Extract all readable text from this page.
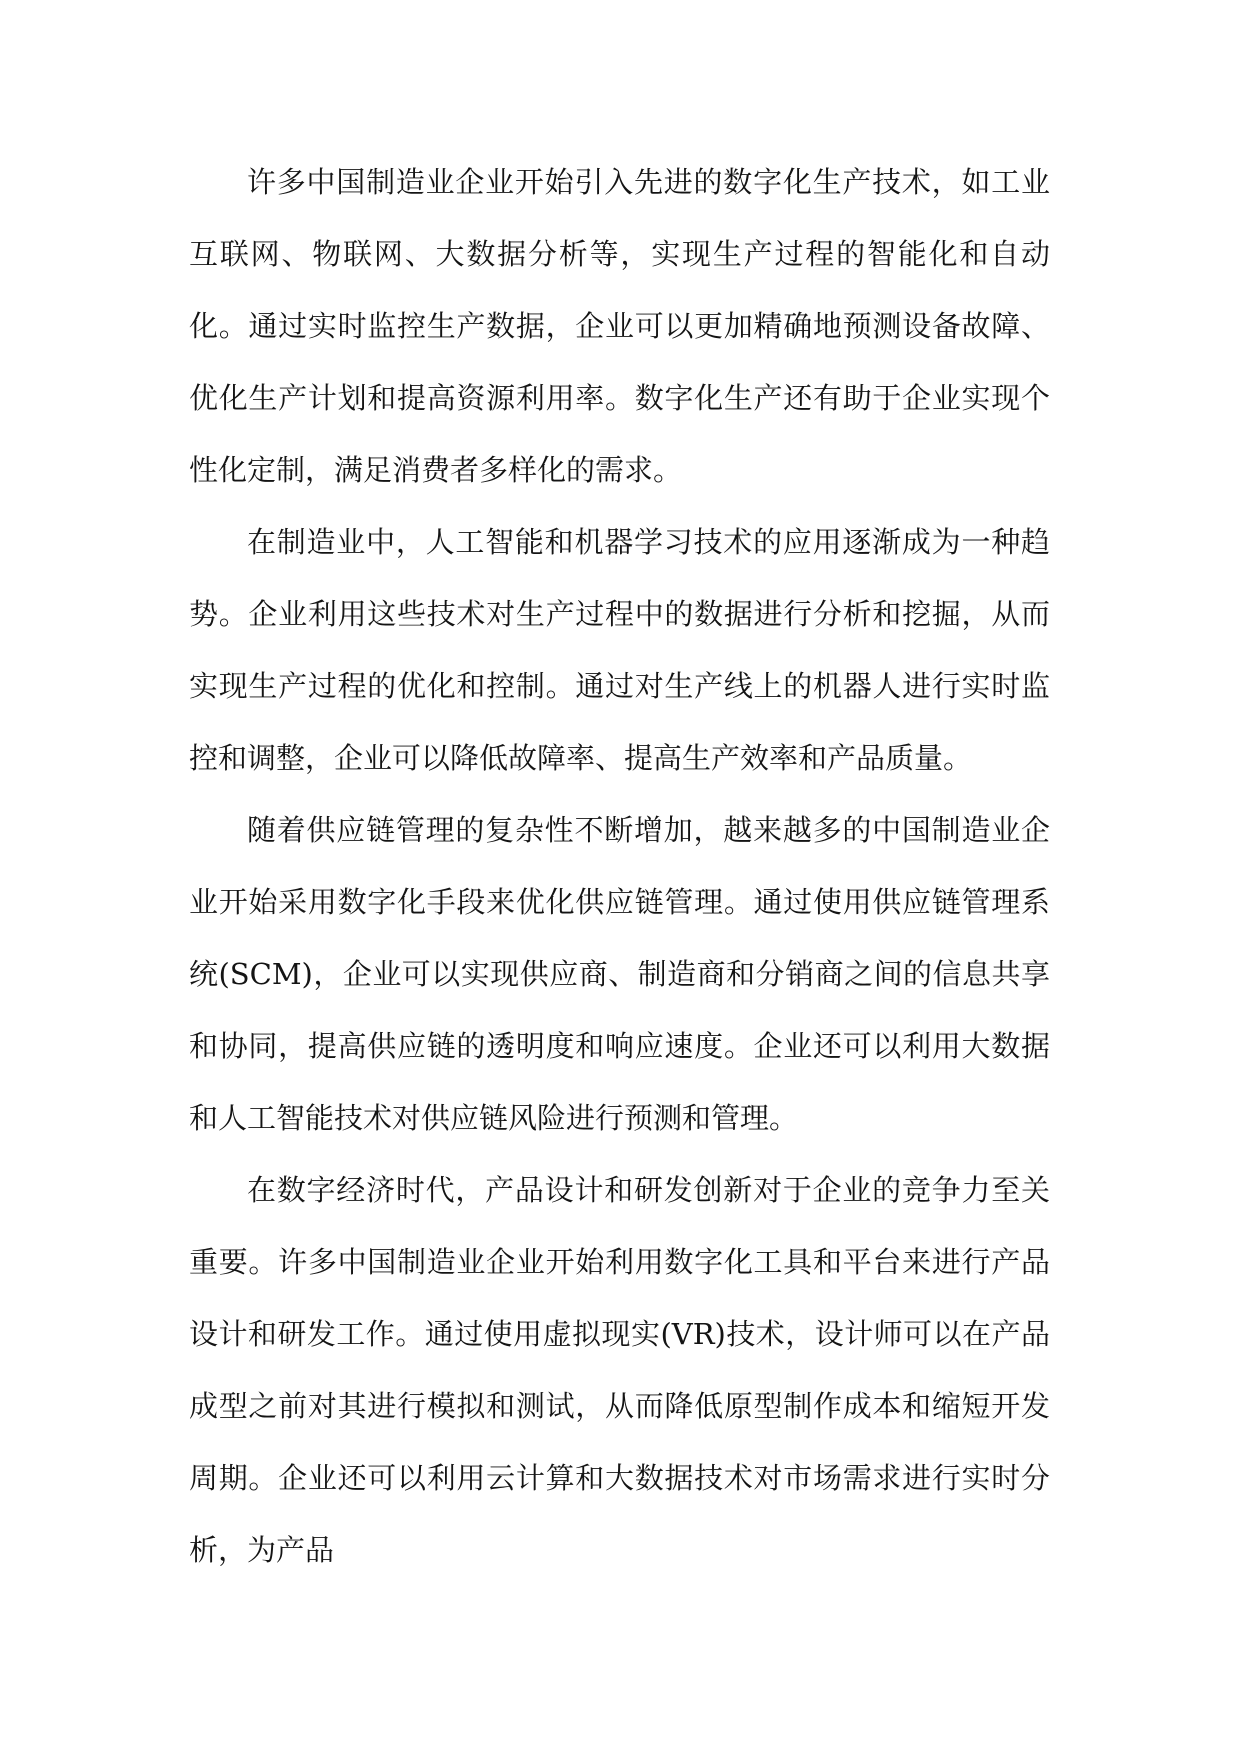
许多中国制造业企业开始引入先进的数字化生产技术，如工业互联网、物联网、大数据分析等，实现生产过程的智能化和自动化。通过实时监控生产数据，企业可以更加精确地预测设备故障、优化生产计划和提高资源利用率。数字化生产还有助于企业实现个性化定制，满足消费者多样化的需求。

在制造业中，人工智能和机器学习技术的应用逐渐成为一种趋势。企业利用这些技术对生产过程中的数据进行分析和挖掘，从而实现生产过程的优化和控制。通过对生产线上的机器人进行实时监控和调整，企业可以降低故障率、提高生产效率和产品质量。

随着供应链管理的复杂性不断增加，越来越多的中国制造业企业开始采用数字化手段来优化供应链管理。通过使用供应链管理系统(SCM)，企业可以实现供应商、制造商和分销商之间的信息共享和协同，提高供应链的透明度和响应速度。企业还可以利用大数据和人工智能技术对供应链风险进行预测和管理。

在数字经济时代，产品设计和研发创新对于企业的竞争力至关重要。许多中国制造业企业开始利用数字化工具和平台来进行产品设计和研发工作。通过使用虚拟现实(VR)技术，设计师可以在产品成型之前对其进行模拟和测试，从而降低原型制作成本和缩短开发周期。企业还可以利用云计算和大数据技术对市场需求进行实时分析，为产品
